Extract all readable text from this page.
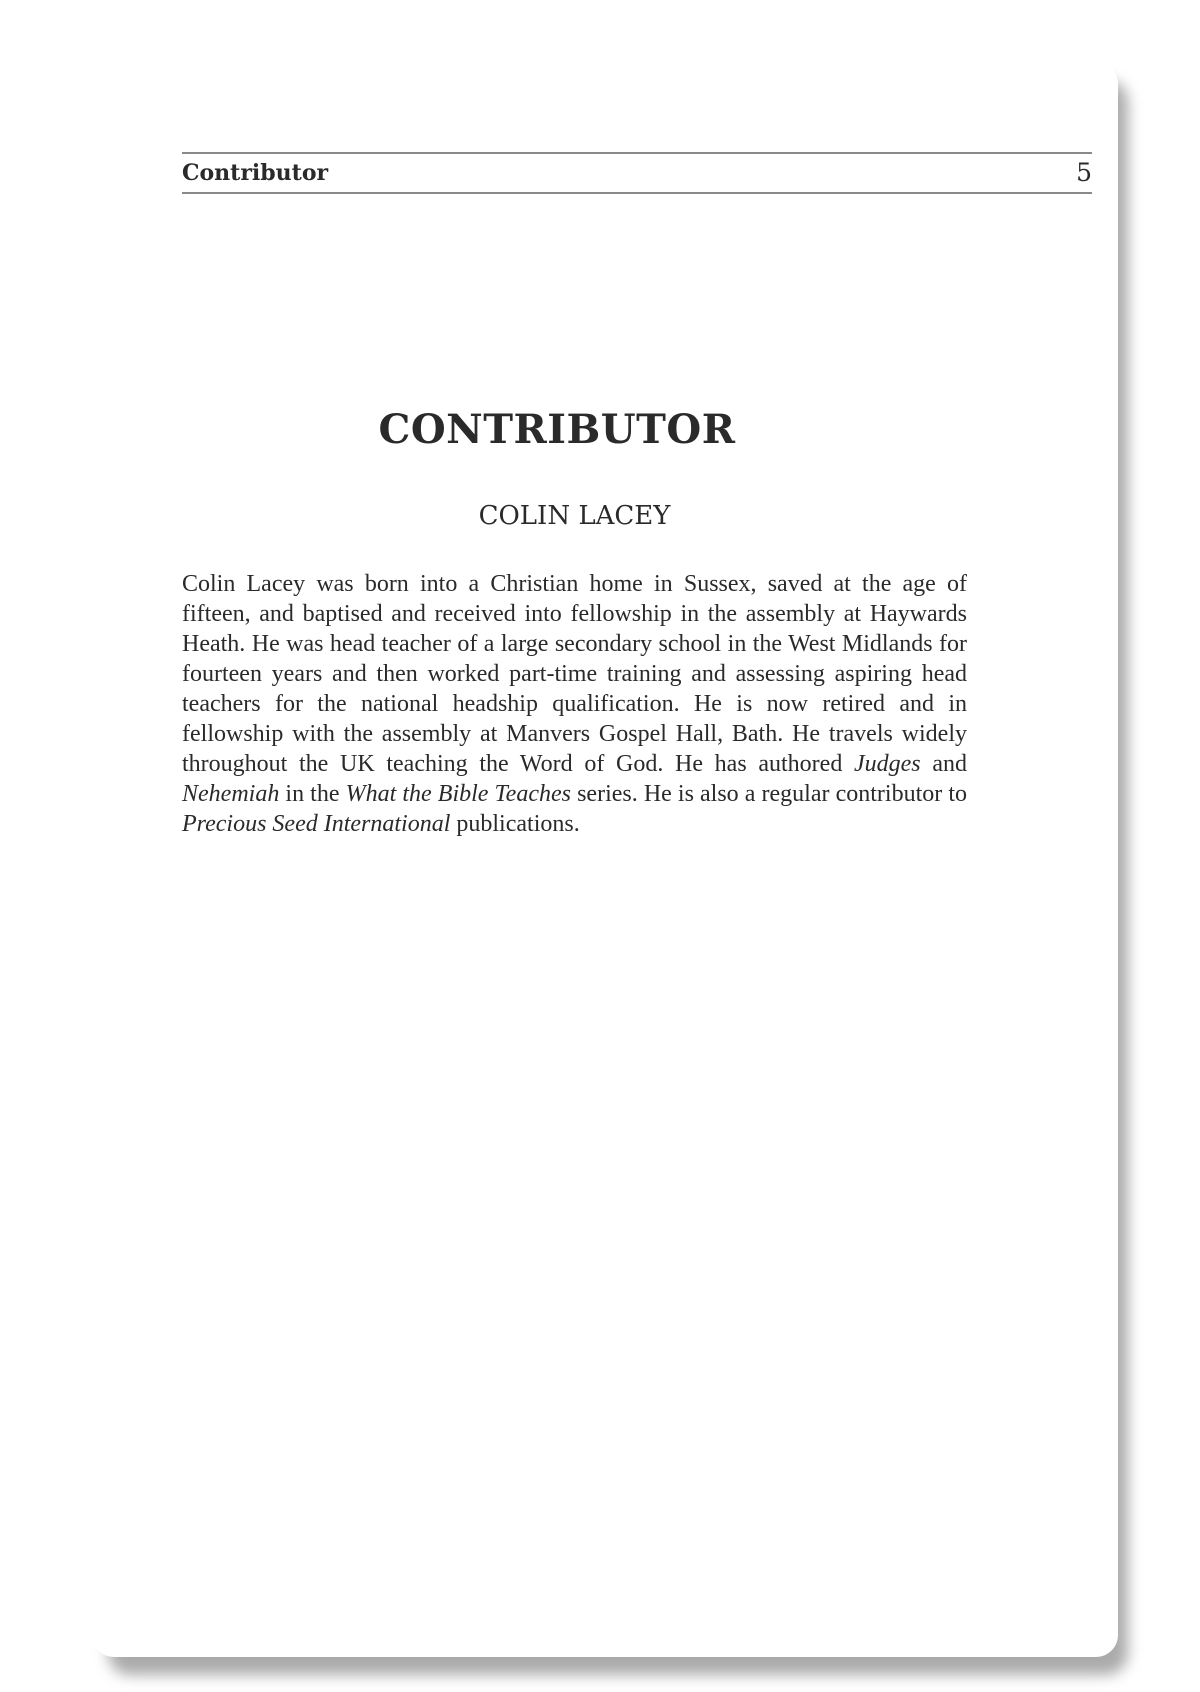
Contributor	5
CONTRIBUTOR
COLIN LACEY

Colin Lacey was born into a Christian home in Sussex, saved at the age of fifteen, and baptised and received into fellowship in the assembly at Haywards Heath. He was head teacher of a large secondary school in the West Midlands for fourteen years and then worked part-time training and assessing aspiring head teachers for the national headship qualification. He is now retired and in fellowship with the assembly at Manvers Gospel Hall, Bath. He travels widely throughout the UK teaching the Word of God. He has authored Judges and Nehemiah in the What the Bible Teaches series. He is also a regular contributor to Precious Seed International publications.
